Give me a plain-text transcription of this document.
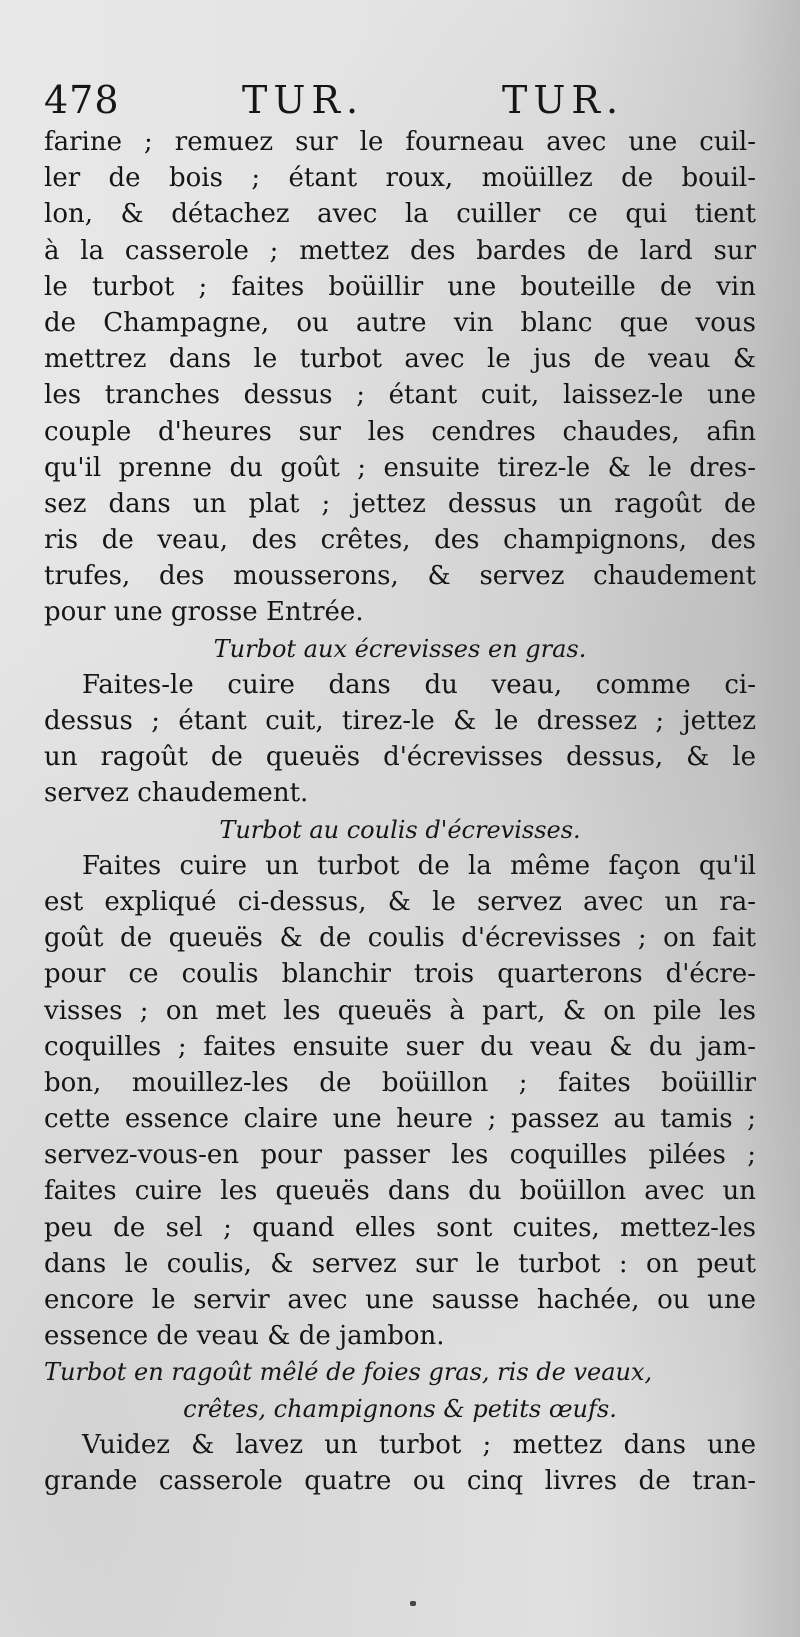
478	TUR.	TUR.
farine ; remuez sur le fourneau avec une cuil-
ler de bois ; étant roux, moüillez de bouil-
lon, & détachez avec la cuiller ce qui tient
à la casserole ; mettez des bardes de lard sur
le turbot ; faites boüillir une bouteille de vin
de Champagne, ou autre vin blanc que vous
mettrez dans le turbot avec le jus de veau &
les tranches dessus ; étant cuit, laissez-le une
couple d'heures sur les cendres chaudes, afin
qu'il prenne du goût ; ensuite tirez-le & le dres-
sez dans un plat ; jettez dessus un ragoût de
ris de veau, des crêtes, des champignons, des
trufes, des mousserons, & servez chaudement
pour une grosse Entrée.
Turbot aux écrevisses en gras.
Faites-le cuire dans du veau, comme ci-
dessus ; étant cuit, tirez-le & le dressez ; jettez
un ragoût de queuës d'écrevisses dessus, & le
servez chaudement.
Turbot au coulis d'écrevisses.
Faites cuire un turbot de la même façon qu'il
est expliqué ci-dessus, & le servez avec un ra-
goût de queuës & de coulis d'écrevisses ; on fait
pour ce coulis blanchir trois quarterons d'écre-
visses ; on met les queuës à part, & on pile les
coquilles ; faites ensuite suer du veau & du jam-
bon, mouillez-les de boüillon ; faites boüillir
cette essence claire une heure ; passez au tamis ;
servez-vous-en pour passer les coquilles pilées ;
faites cuire les queuës dans du boüillon avec un
peu de sel ; quand elles sont cuites, mettez-les
dans le coulis, & servez sur le turbot : on peut
encore le servir avec une sausse hachée, ou une
essence de veau & de jambon.
Turbot en ragoût mêlé de foies gras, ris de veaux,
crêtes, champignons & petits œufs.
Vuidez & lavez un turbot ; mettez dans une
grande casserole quatre ou cinq livres de tran-
